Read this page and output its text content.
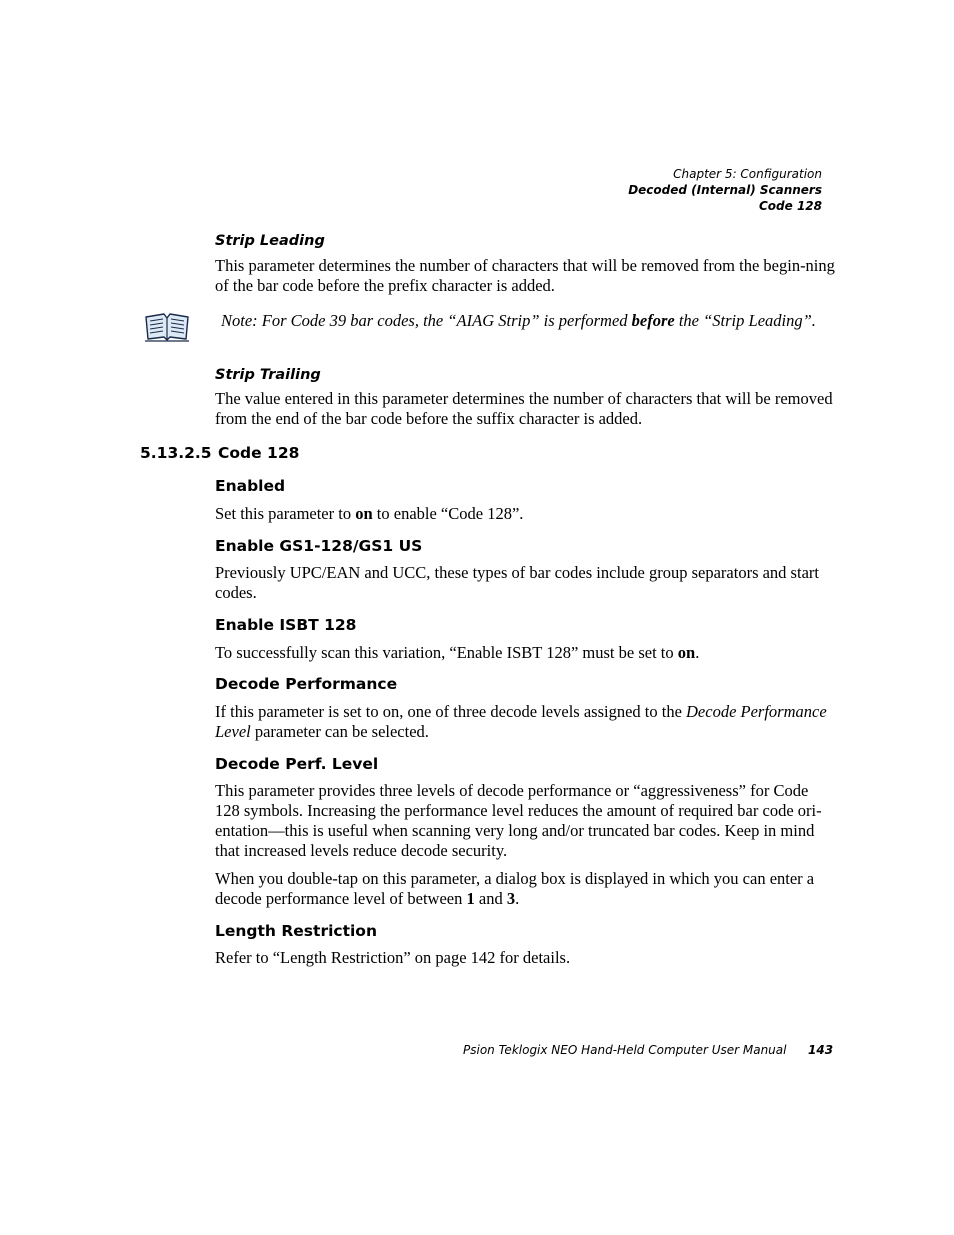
Chapter 5: Configuration
Decoded (Internal) Scanners
Code 128
Strip Leading
This parameter determines the number of characters that will be removed from the begin-ning of the bar code before the prefix character is added.
Note: For Code 39 bar codes, the “AIAG Strip” is performed before the “Strip Leading”.
Strip Trailing
The value entered in this parameter determines the number of characters that will be removed from the end of the bar code before the suffix character is added.
5.13.2.5 Code 128
Enabled
Set this parameter to on to enable “Code 128”.
Enable GS1-128/GS1 US
Previously UPC/EAN and UCC, these types of bar codes include group separators and start codes.
Enable ISBT 128
To successfully scan this variation, “Enable ISBT 128” must be set to on.
Decode Performance
If this parameter is set to on, one of three decode levels assigned to the Decode Performance Level parameter can be selected.
Decode Perf. Level
This parameter provides three levels of decode performance or “aggressiveness” for Code 128 symbols. Increasing the performance level reduces the amount of required bar code ori-entation—this is useful when scanning very long and/or truncated bar codes. Keep in mind that increased levels reduce decode security.
When you double-tap on this parameter, a dialog box is displayed in which you can enter a decode performance level of between 1 and 3.
Length Restriction
Refer to “Length Restriction” on page 142 for details.
Psion Teklogix NEO Hand-Held Computer User Manual 143
